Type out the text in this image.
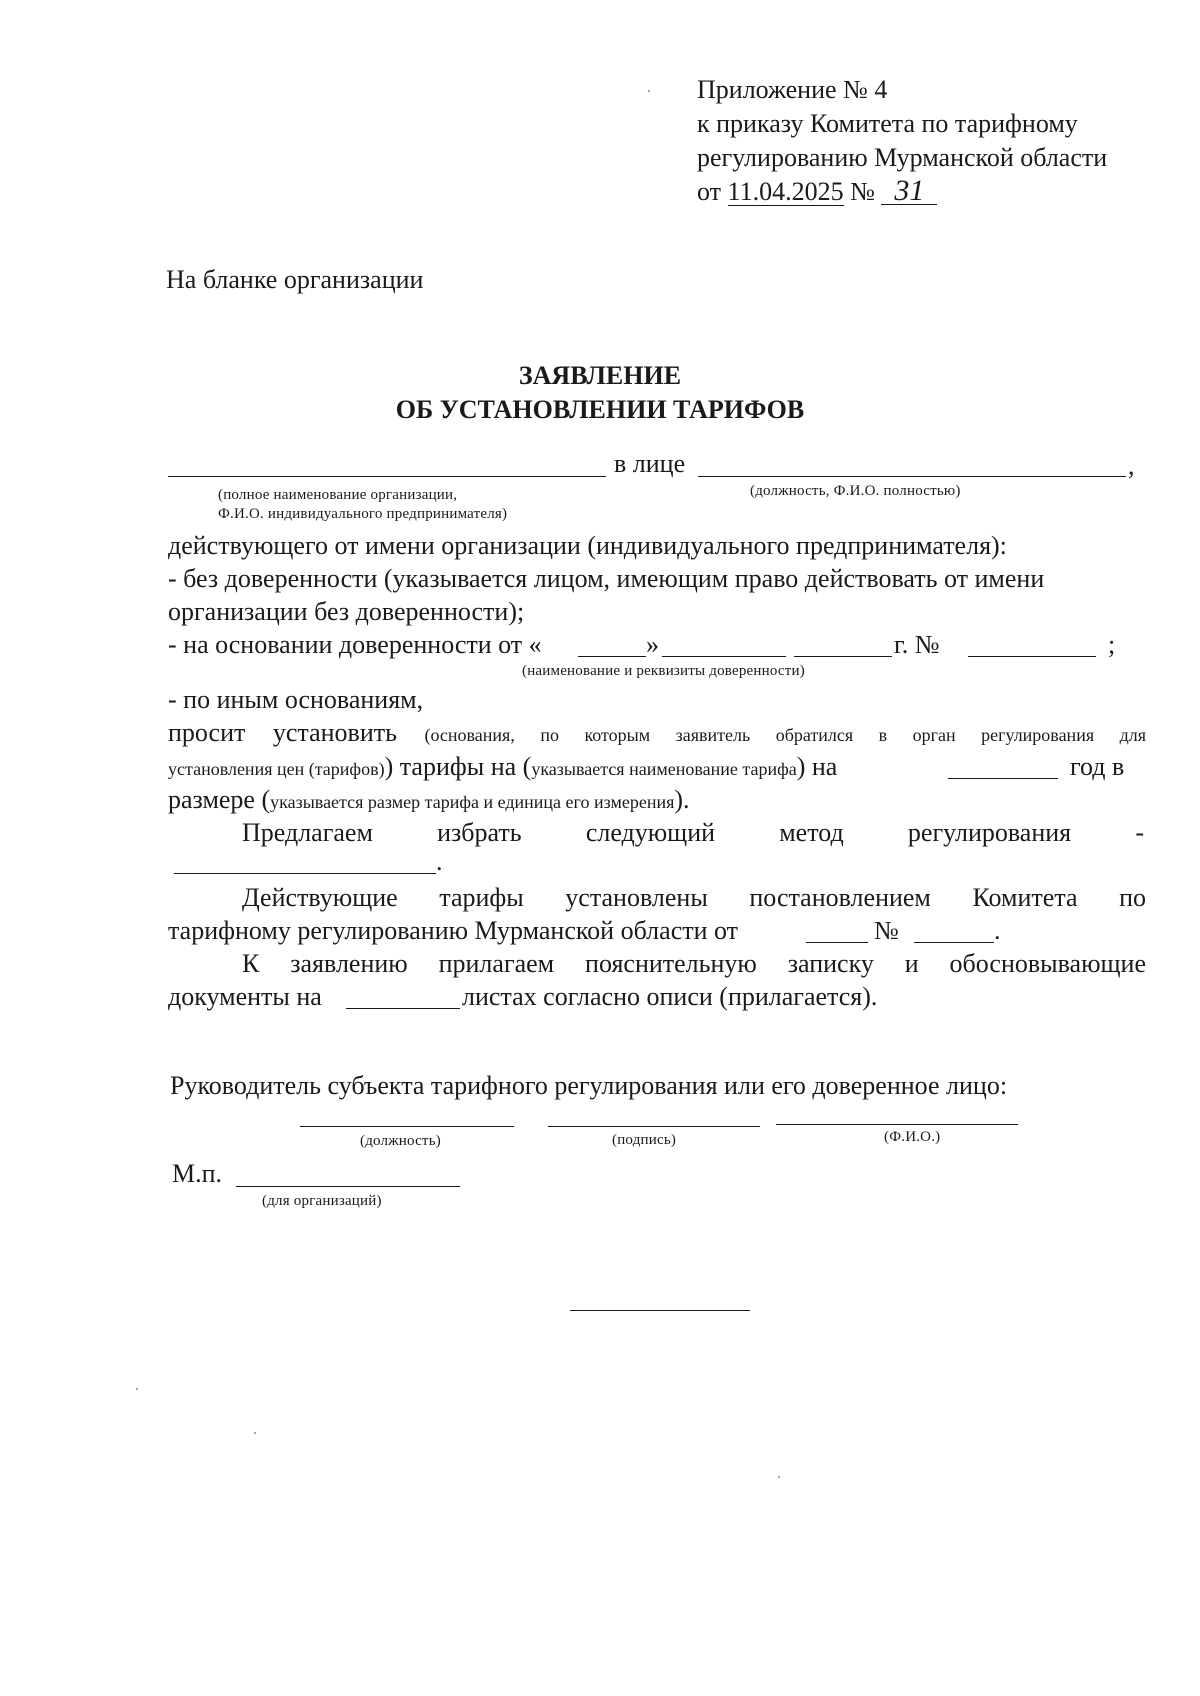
Приложение № 4
к приказу Комитета по тарифному
регулированию Мурманской области
от 11.04.2025 № 31
На бланке организации
ЗАЯВЛЕНИЕ
ОБ УСТАНОВЛЕНИИ ТАРИФОВ
в лице	,
(полное наименование организации,
Ф.И.О. индивидуального предпринимателя)
(должность, Ф.И.О. полностью)
действующего от имени организации (индивидуального предпринимателя):
- без доверенности (указывается лицом, имеющим право действовать от имени
организации без доверенности);
- на основании доверенности от «	»	г. №	;
(наименование и реквизиты доверенности)
- по иным основаниям,
просит установить (основания, по которым заявитель обратился в орган регулирования для
установления цен (тарифов)) тарифы на (указывается наименование тарифа) на	год в
размере (указывается размер тарифа и единица его измерения).
Предлагаем избрать следующий метод регулирования -
.
Действующие тарифы установлены постановлением Комитета по
тарифному регулированию Мурманской области от	№	.
К заявлению прилагаем пояснительную записку и обосновывающие
документы на	листах согласно описи (прилагается).
Руководитель субъекта тарифного регулирования или его доверенное лицо:
(должность)	(подпись)	(Ф.И.О.)
М.п.
(для организаций)
